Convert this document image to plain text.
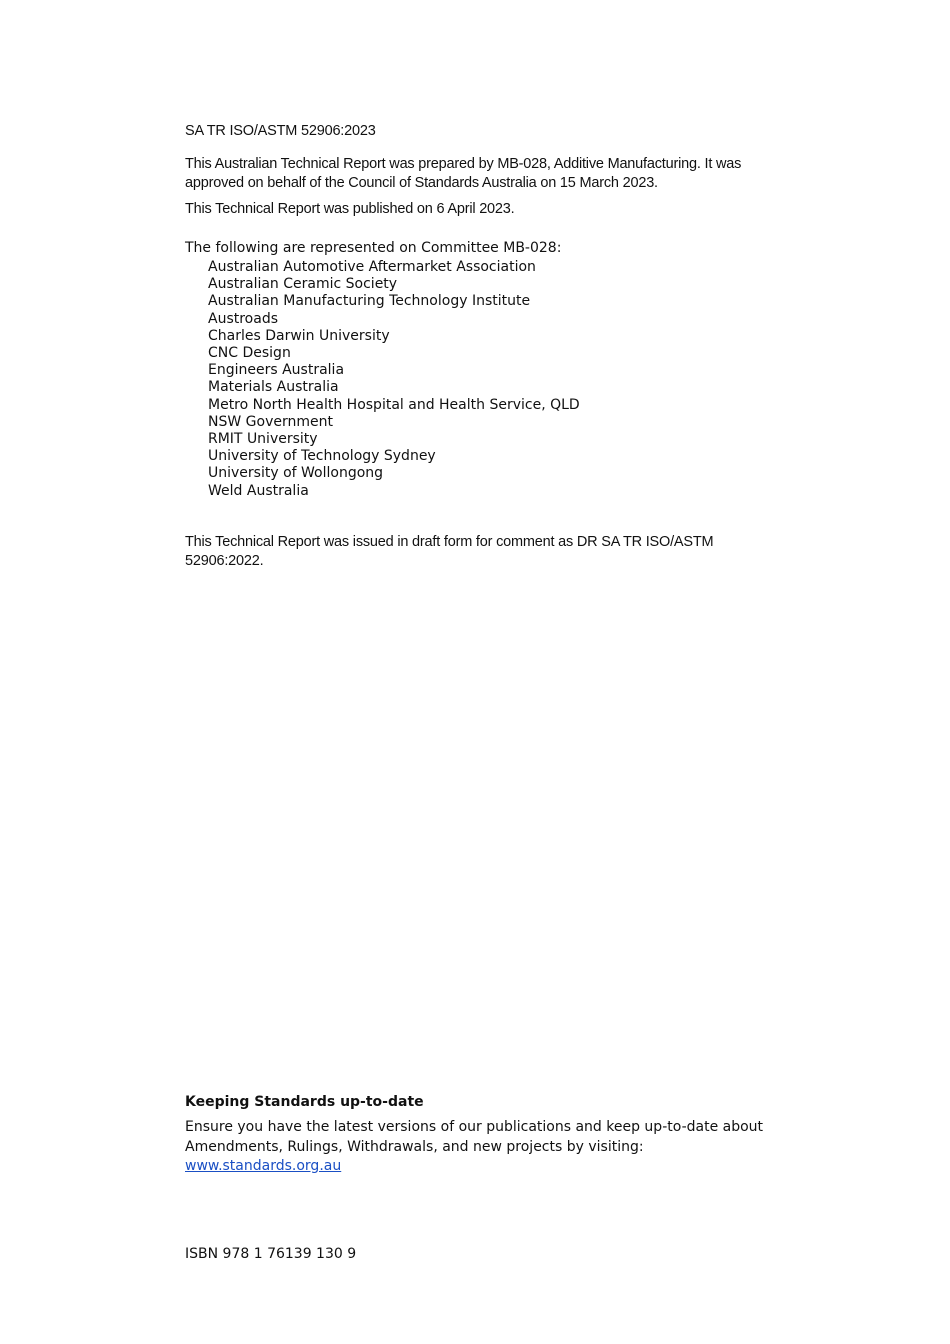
SA TR ISO/ASTM 52906:2023

This Australian Technical Report was prepared by MB-028, Additive Manufacturing. It was approved on behalf of the Council of Standards Australia on 15 March 2023.

This Technical Report was published on 6 April 2023.

The following are represented on Committee MB-028:

Australian Automotive Aftermarket Association
Australian Ceramic Society
Australian Manufacturing Technology Institute
Austroads
Charles Darwin University
CNC Design
Engineers Australia
Materials Australia
Metro North Health Hospital and Health Service, QLD
NSW Government
RMIT University
University of Technology Sydney
University of Wollongong
Weld Australia

This Technical Report was issued in draft form for comment as DR SA TR ISO/ASTM 52906:2022.

Keeping Standards up-to-date

Ensure you have the latest versions of our publications and keep up-to-date about Amendments, Rulings, Withdrawals, and new projects by visiting:
www.standards.org.au

ISBN 978 1 76139 130 9
